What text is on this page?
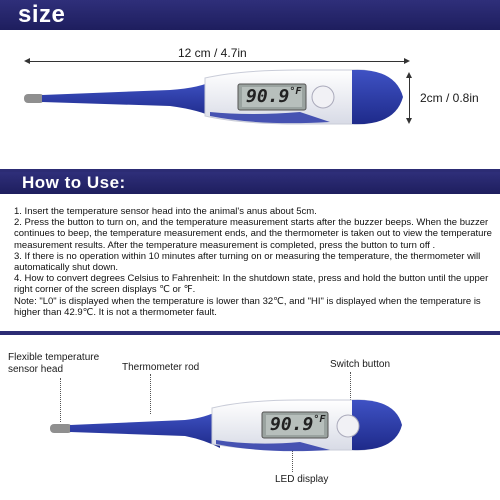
size
12 cm / 4.7in
2cm / 0.8in
$90.9^{^\circ F}$
How to Use:

1. Insert the temperature sensor head into the animal's anus about 5cm.

2. Press the button to turn on, and the temperature measurement starts after the buzzer beeps. When the buzzer continues to beep, the temperature measurement ends, and the thermometer is taken out to view the temperature measurement results. After the temperature measurement is completed, press the button to turn off .

3. If there is no operation within 10 minutes after turning on or measuring the temperature, the thermometer will automatically shut down.

4. How to convert degrees Celsius to Fahrenheit: In the shutdown state, press and hold the button until the upper right corner of the screen displays ℃ or ℉.

Note: "L0" is displayed when the temperature is lower than 32℃, and "HI" is displayed when the temperature is higher than 42.9℃. It is not a thermometer fault.

Flexible temperature sensor head	Thermometer rod	Switch button
LED display
$90.9^{^\circ F}$
